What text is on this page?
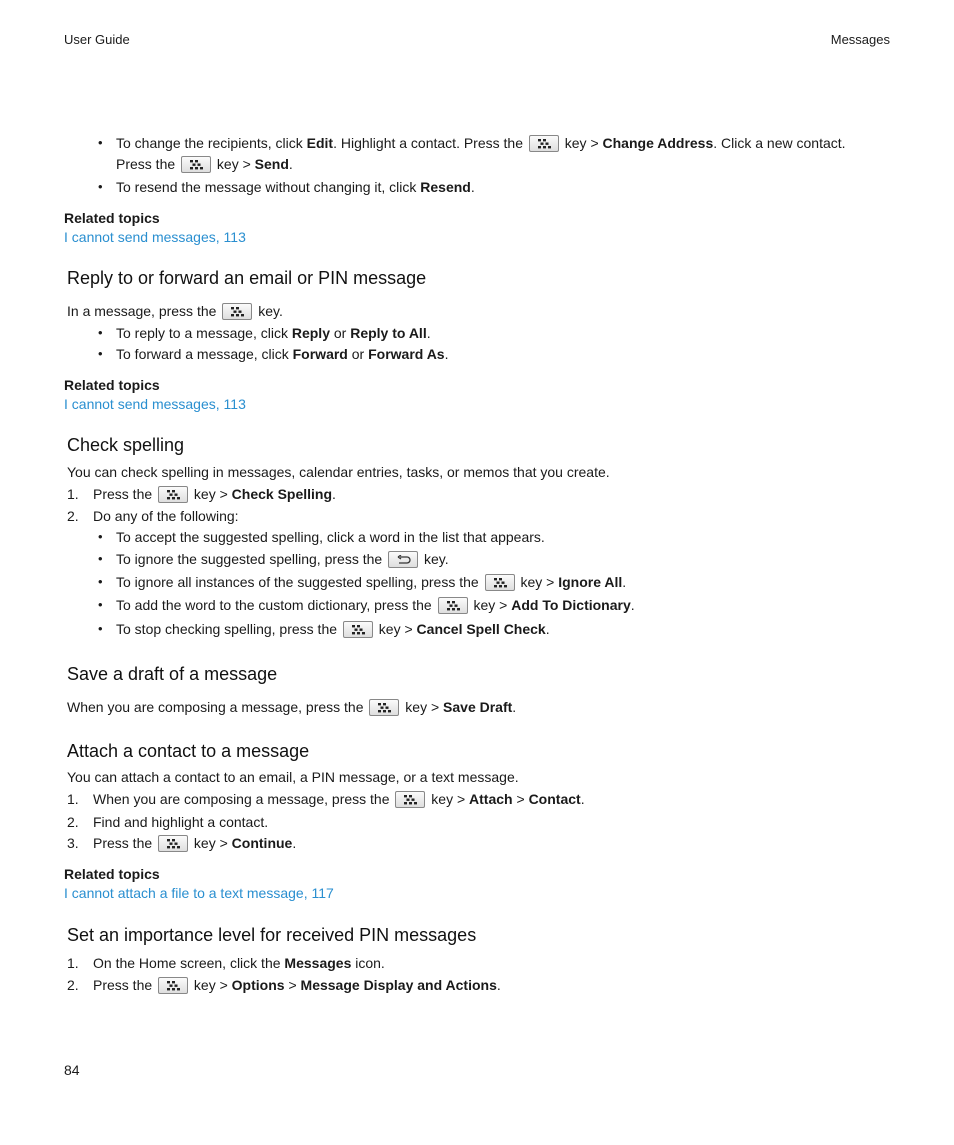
User Guide	Messages
• To change the recipients, click Edit. Highlight a contact. Press the
key > Change Address. Click a new contact.
Press the
key > Send.
• To resend the message without changing it, click Resend.
Related topics
I cannot send messages, 113
Reply to or forward an email or PIN message
In a message, press the
key.
• To reply to a message, click Reply or Reply to All.
• To forward a message, click Forward or Forward As.
Related topics
I cannot send messages, 113
Check spelling
You can check spelling in messages, calendar entries, tasks, or memos that you create.
1. Press the
key > Check Spelling.
2. Do any of the following:
• To accept the suggested spelling, click a word in the list that appears.
• To ignore the suggested spelling, press the
key.
• To ignore all instances of the suggested spelling, press the
key > Ignore All.
• To add the word to the custom dictionary, press the
key > Add To Dictionary.
• To stop checking spelling, press the
key > Cancel Spell Check.
Save a draft of a message
When you are composing a message, press the
key > Save Draft.
Attach a contact to a message
You can attach a contact to an email, a PIN message, or a text message.
1. When you are composing a message, press the
key > Attach > Contact.
2. Find and highlight a contact.
3. Press the
key > Continue.
Related topics
I cannot attach a file to a text message, 117
Set an importance level for received PIN messages
1. On the Home screen, click the Messages icon.
2. Press the
key > Options > Message Display and Actions.
84
